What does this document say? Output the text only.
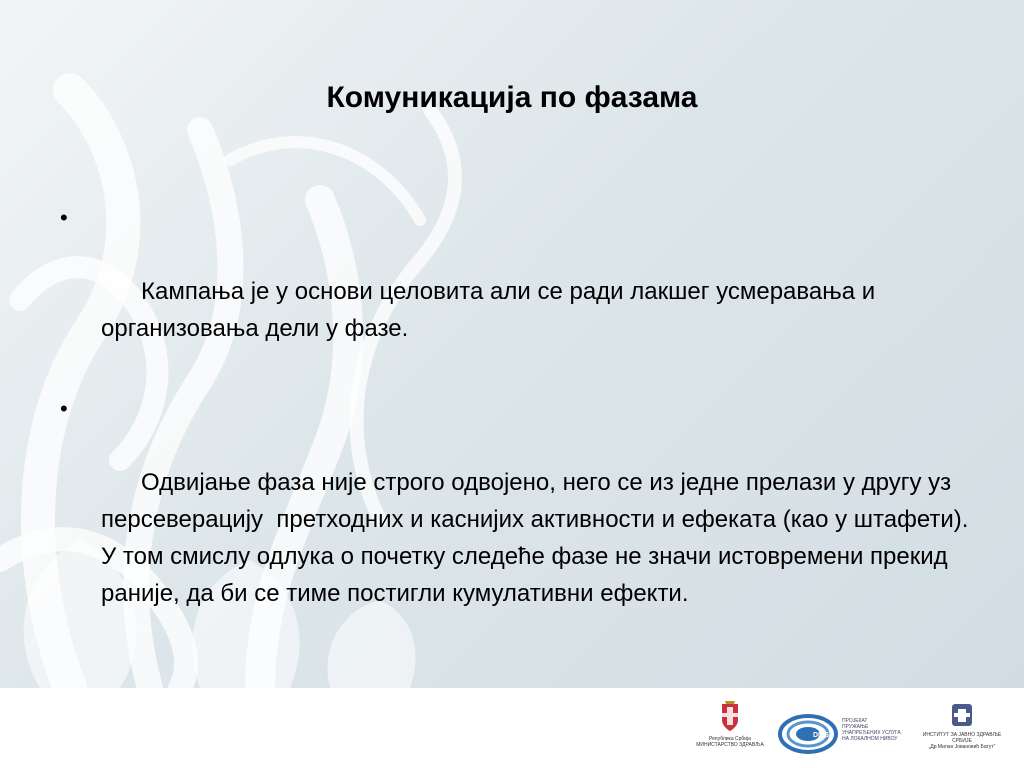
Комуникација по фазама

•

Кампања је у основи целовита али се ради лакшег усмеравања и организовања дели у фазе.

•

Одвијање фаза није строго одвојено, него се из једне прелази у другу уз персеверацију  претходних и каснијих активности и ефеката (као у штафети). У том смислу одлука о почетку следеће фазе не значи истовремени прекид раније, да би се тиме постигли кумулативни ефекти.

Република Србија
МИНИСТАРСТВО ЗДРАВЉА
DILS
ПРОЈЕКАТ
ПРУЖАЊЕ
УНАПРЕЂЕНИХ УСЛУГА
НА ЛОКАЛНОМ НИВОУ
ИНСТИТУТ ЗА ЈАВНО ЗДРАВЉЕ СРБИЈЕ
„Др Милан Јовановић Батут“
